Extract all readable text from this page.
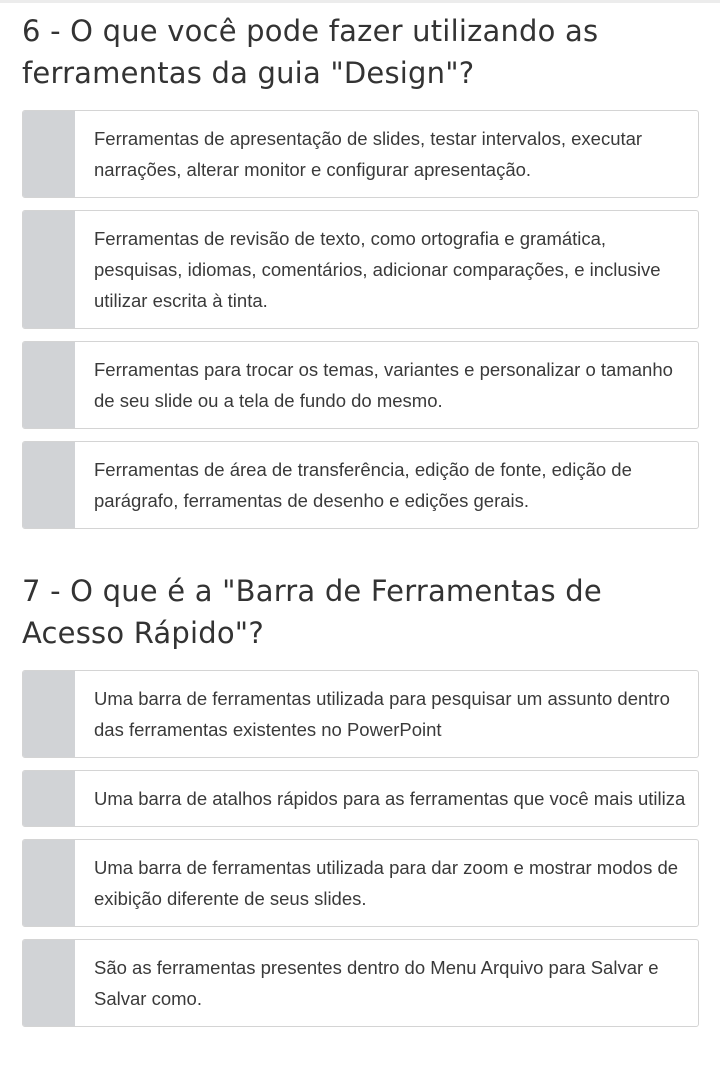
6 - O que você pode fazer utilizando as ferramentas da guia "Design"?
Ferramentas de apresentação de slides, testar intervalos, executar narrações, alterar monitor e configurar apresentação.
Ferramentas de revisão de texto, como ortografia e gramática, pesquisas, idiomas, comentários, adicionar comparações, e inclusive utilizar escrita à tinta.
Ferramentas para trocar os temas, variantes e personalizar o tamanho de seu slide ou a tela de fundo do mesmo.
Ferramentas de área de transferência, edição de fonte, edição de parágrafo, ferramentas de desenho e edições gerais.
7 - O que é a "Barra de Ferramentas de Acesso Rápido"?
Uma barra de ferramentas utilizada para pesquisar um assunto dentro das ferramentas existentes no PowerPoint
Uma barra de atalhos rápidos para as ferramentas que você mais utiliza
Uma barra de ferramentas utilizada para dar zoom e mostrar modos de exibição diferente de seus slides.
São as ferramentas presentes dentro do Menu Arquivo para Salvar e Salvar como.
